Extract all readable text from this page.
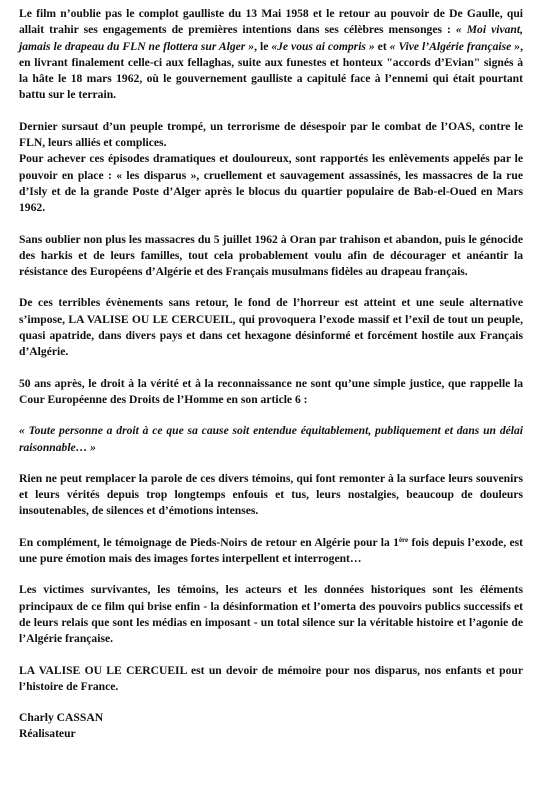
Le film n’oublie pas le complot gaulliste du 13 Mai 1958 et le retour au pouvoir de De Gaulle, qui allait trahir ses engagements de premières intentions dans ses célèbres mensonges : « Moi vivant, jamais le drapeau du FLN ne flottera sur Alger », le «Je vous ai compris » et « Vive l’Algérie française », en livrant finalement celle-ci aux fellaghas, suite aux funestes et honteux "accords d’Evian" signés à la hâte le 18 mars 1962, où le gouvernement gaulliste a capitulé face à l’ennemi qui était pourtant battu sur le terrain.

Dernier sursaut d’un peuple trompé, un terrorisme de désespoir par le combat de l’OAS, contre le FLN, leurs alliés et complices.

Pour achever ces épisodes dramatiques et douloureux, sont rapportés les enlèvements appelés par le pouvoir en place : « les disparus », cruellement et sauvagement assassinés, les massacres de la rue d’Isly et de la grande Poste d’Alger après le blocus du quartier populaire de Bab-el-Oued en Mars 1962.

Sans oublier non plus les massacres du 5 juillet 1962 à Oran par trahison et abandon, puis le génocide des harkis et de leurs familles, tout cela probablement voulu afin de décourager et anéantir la résistance des Européens d’Algérie et des Français musulmans fidèles au drapeau français.

De ces terribles évènements sans retour, le fond de l’horreur est atteint et une seule alternative s’impose, LA VALISE OU LE CERCUEIL, qui provoquera l’exode massif et l’exil de tout un peuple, quasi apatride, dans divers pays et dans cet hexagone désinformé et forcément hostile aux Français d’Algérie.

50 ans après, le droit à la vérité et à la reconnaissance ne sont qu’une simple justice, que rappelle la Cour Européenne des Droits de l’Homme en son article 6 :

« Toute personne a droit à ce que sa cause soit entendue équitablement, publiquement et dans un délai raisonnable… »

Rien ne peut remplacer la parole de ces divers témoins, qui font remonter à la surface leurs souvenirs et leurs vérités depuis trop longtemps enfouis et tus, leurs nostalgies, beaucoup de douleurs insoutenables, de silences et d’émotions intenses.

En complément, le témoignage de Pieds-Noirs de retour en Algérie pour la 1ère fois depuis l’exode, est une pure émotion mais des images fortes interpellent et interrogent…

Les victimes survivantes, les témoins, les acteurs et les données historiques sont les éléments principaux de ce film qui brise enfin - la désinformation et l’omerta des pouvoirs publics successifs et de leurs relais que sont les médias en imposant - un total silence sur la véritable histoire et l’agonie de l’Algérie française.

LA VALISE OU LE CERCUEIL est un devoir de mémoire pour nos disparus, nos enfants et pour l’histoire de France.

Charly CASSAN

Réalisateur
